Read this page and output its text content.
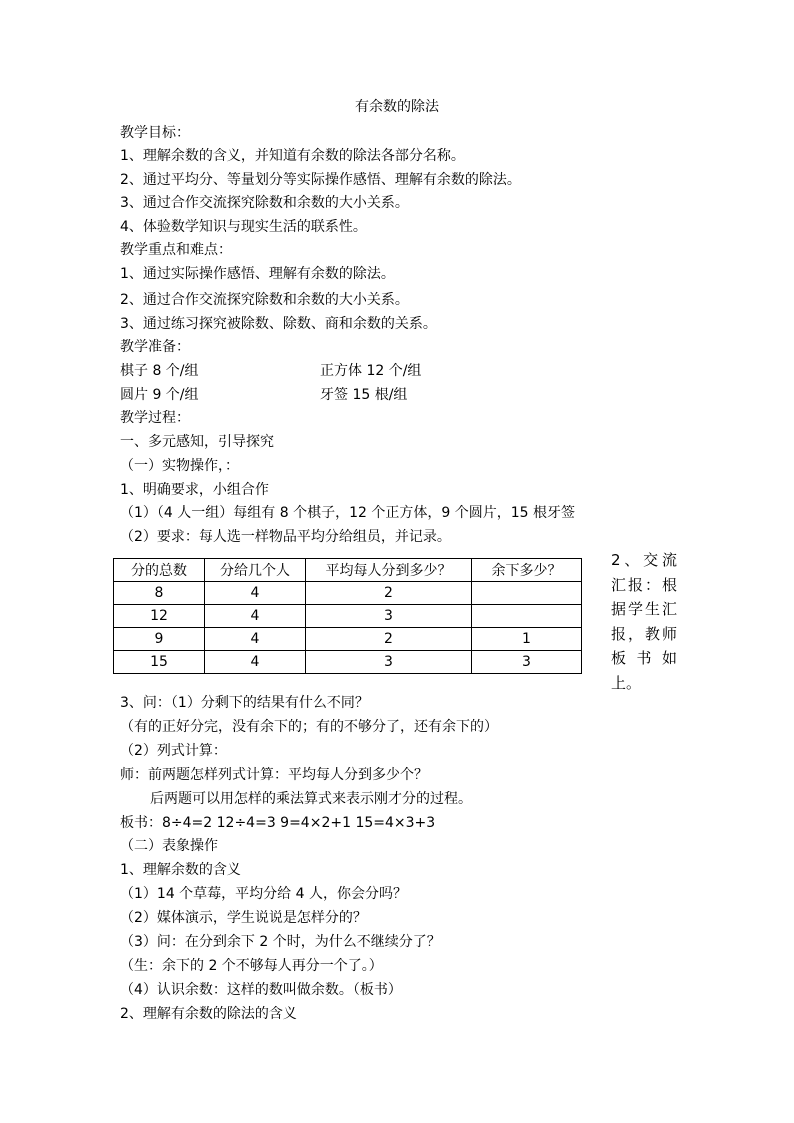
有余数的除法
教学目标：
1、理解余数的含义，并知道有余数的除法各部分名称。
2、通过平均分、等量划分等实际操作感悟、理解有余数的除法。
3、通过合作交流探究除数和余数的大小关系。
4、体验数学知识与现实生活的联系性。
教学重点和难点：
1、通过实际操作感悟、理解有余数的除法。
2、通过合作交流探究除数和余数的大小关系。
3、通过练习探究被除数、除数、商和余数的关系。
教学准备：
棋子 8 个/组	正方体 12 个/组
圆片 9 个/组	牙签 15 根/组
教学过程：
一、多元感知，引导探究
（一）实物操作，：
1、明确要求，小组合作
（1）（4 人一组）每组有 8 个棋子，12 个正方体，9 个圆片，15 根牙签
（2）要求：每人选一样物品平均分给组员，并记录。
分的总数	分给几个人	平均每人分到多少？	余下多少？
8	4	2	
12	4	3	
9	4	2	1
15	4	3	3
2、交流汇报：根据学生汇报，教师板书如上。
3、问：（1）分剩下的结果有什么不同？
（有的正好分完，没有余下的；有的不够分了，还有余下的）
（2）列式计算：
师：前两题怎样列式计算：平均每人分到多少个？
后两题可以用怎样的乘法算式来表示刚才分的过程。
板书：8÷4=2 12÷4=3 9=4×2+1 15=4×3+3
（二）表象操作
1、理解余数的含义
（1）14 个草莓，平均分给 4 人，你会分吗？
（2）媒体演示，学生说说是怎样分的？
（3）问：在分到余下 2 个时，为什么不继续分了？
（生：余下的 2 个不够每人再分一个了。）
（4）认识余数：这样的数叫做余数。（板书）
2、理解有余数的除法的含义
